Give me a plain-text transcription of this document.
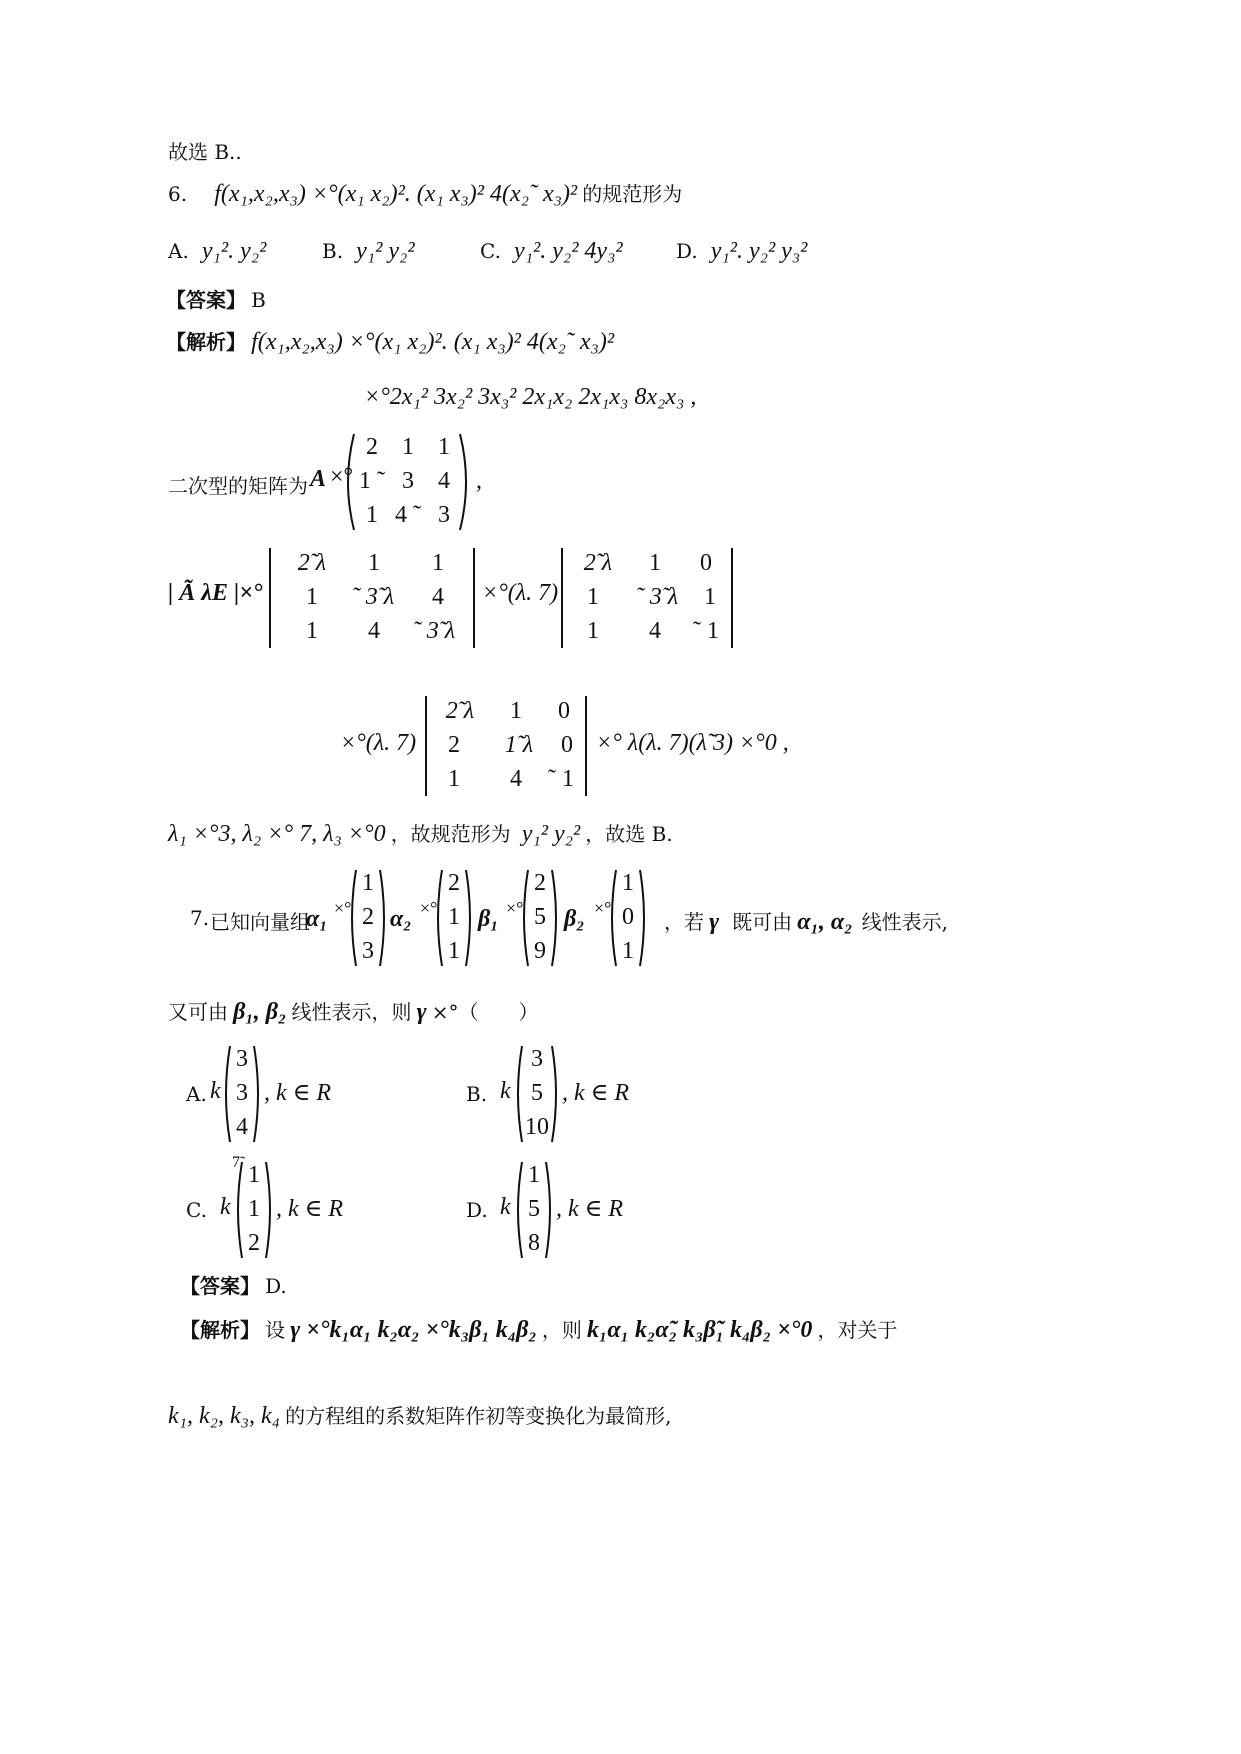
故选 B..
6. f(x₁,x₂,x₃) ×°(x₁ x₂)². (x₁ x₃)² 4(x₂˜ x₃)² 的规范形为
A. y₁². y₂²	B. y₁² y₂²	C. y₁². y₂² 4y₃²	D. y₁². y₂² y₃²
【答案】 B
【解析】 f(x₁,x₂,x₃) ×°(x₁ x₂)². (x₁ x₃)² 4(x₂˜ x₃)²
×°2x₁² 3x₂² 3x₃² 2x₁x₂ 2x₁x₃ 8x₂x₃ ,
二次型的矩阵为 A ×°
2	1	1
1 ˜ 3	4
1 4 ˜ 3
,
| Ã λE |×°
2̃ λ	1	1
1	˜ 3̃ λ	4
1	4	˜ 3̃ λ
×°(λ. 7)
2̃ λ	1	0
1	˜ 3̃ λ	1
1	4	˜ 1
×°(λ. 7)
2̃ λ	1	0
2	1̃ λ	0
1	4	˜ 1
×° λ(λ. 7)(λ̃ 3) ×°0 ,
λ₁ ×°3, λ₂ ×° 7, λ₃ ×°0 ，故规范形为 y₁² y₂² ，故选 B.
7. 已知向量组
α₁ ×°
1
2
3
α₂ ×°
2
1
1
β₁ ×°
2
5
9
β₂ ×°
1
0
1
，若 γ 既可由 α₁, α₂ 线性表示,
又可由 β₁, β₂ 线性表示，则 γ ×°（　　）
A. k
3
3
4
, k ∈ R	B. k
3
5
10
, k ∈ R
C. k
7̃ 1
1
2
, k ∈ R	D. k
1
5
8
, k ∈ R
【答案】 D.
【解析】 设 γ ×°k₁α₁ k₂α₂ ×°k₃β₁ k₄β₂ ，则 k₁α₁ k₂α̃₂ k₃β̃₁ k₄β₂ ×°0 ，对关于
k₁, k₂, k₃, k₄ 的方程组的系数矩阵作初等变换化为最简形,
